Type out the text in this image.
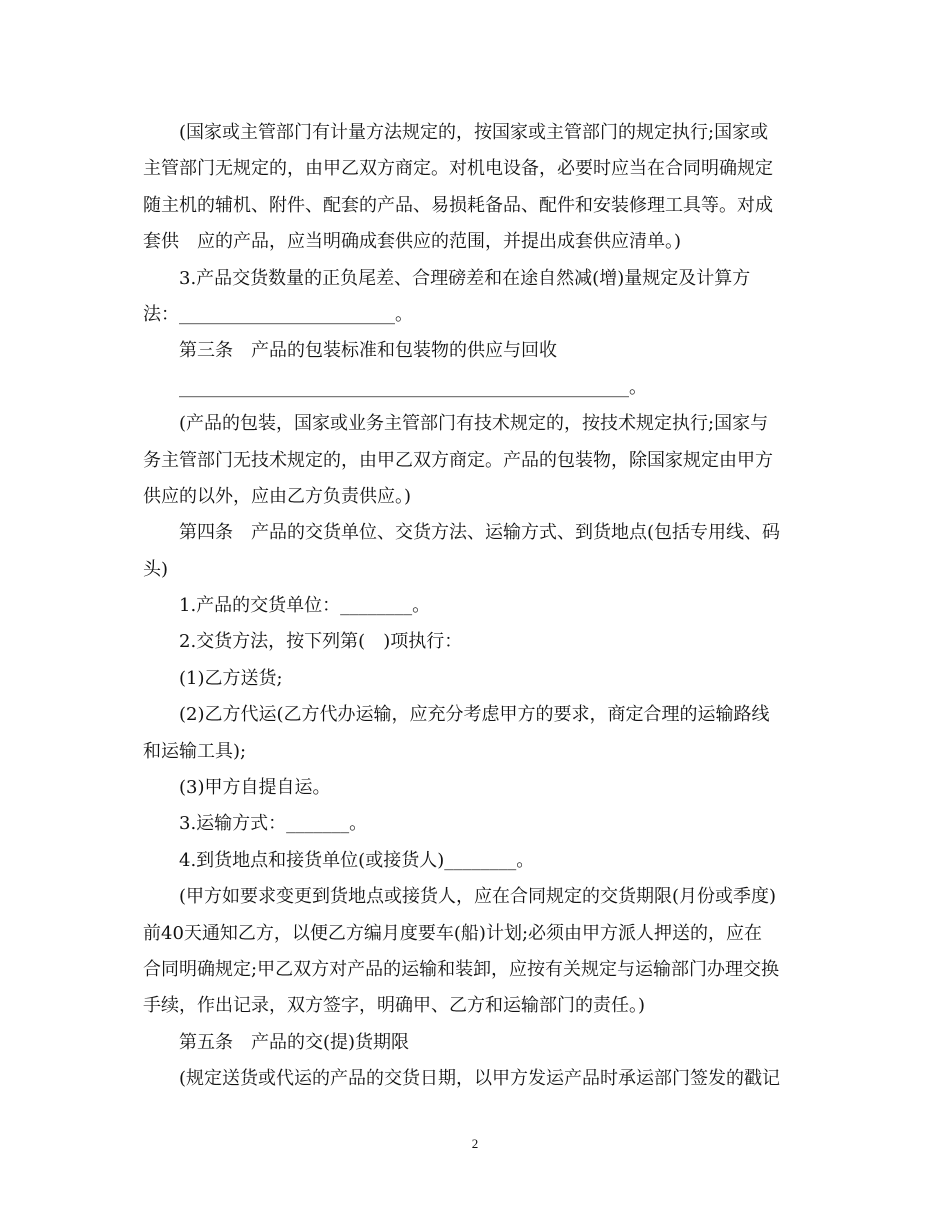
(国家或主管部门有计量方法规定的，按国家或主管部门的规定执行;国家或
主管部门无规定的，由甲乙双方商定。对机电设备，必要时应当在合同明确规定
随主机的辅机、附件、配套的产品、易损耗备品、配件和安装修理工具等。对成
套供　应的产品，应当明确成套供应的范围，并提出成套供应清单。)
3.产品交货数量的正负尾差、合理磅差和在途自然减(增)量规定及计算方
法：________________________。
第三条　产品的包装标准和包装物的供应与回收
__________________________________________________。
(产品的包装，国家或业务主管部门有技术规定的，按技术规定执行;国家与
务主管部门无技术规定的，由甲乙双方商定。产品的包装物，除国家规定由甲方
供应的以外，应由乙方负责供应。)
第四条　产品的交货单位、交货方法、运输方式、到货地点(包括专用线、码
头)
1.产品的交货单位：________。
2.交货方法，按下列第(　)项执行：
(1)乙方送货;
(2)乙方代运(乙方代办运输，应充分考虑甲方的要求，商定合理的运输路线
和运输工具);
(3)甲方自提自运。
3.运输方式：_______。
4.到货地点和接货单位(或接货人)________。
(甲方如要求变更到货地点或接货人，应在合同规定的交货期限(月份或季度)
前40天通知乙方，以便乙方编月度要车(船)计划;必须由甲方派人押送的，应在
合同明确规定;甲乙双方对产品的运输和装卸，应按有关规定与运输部门办理交换
手续，作出记录，双方签字，明确甲、乙方和运输部门的责任。)
第五条　产品的交(提)货期限
(规定送货或代运的产品的交货日期，以甲方发运产品时承运部门签发的戳记
2
